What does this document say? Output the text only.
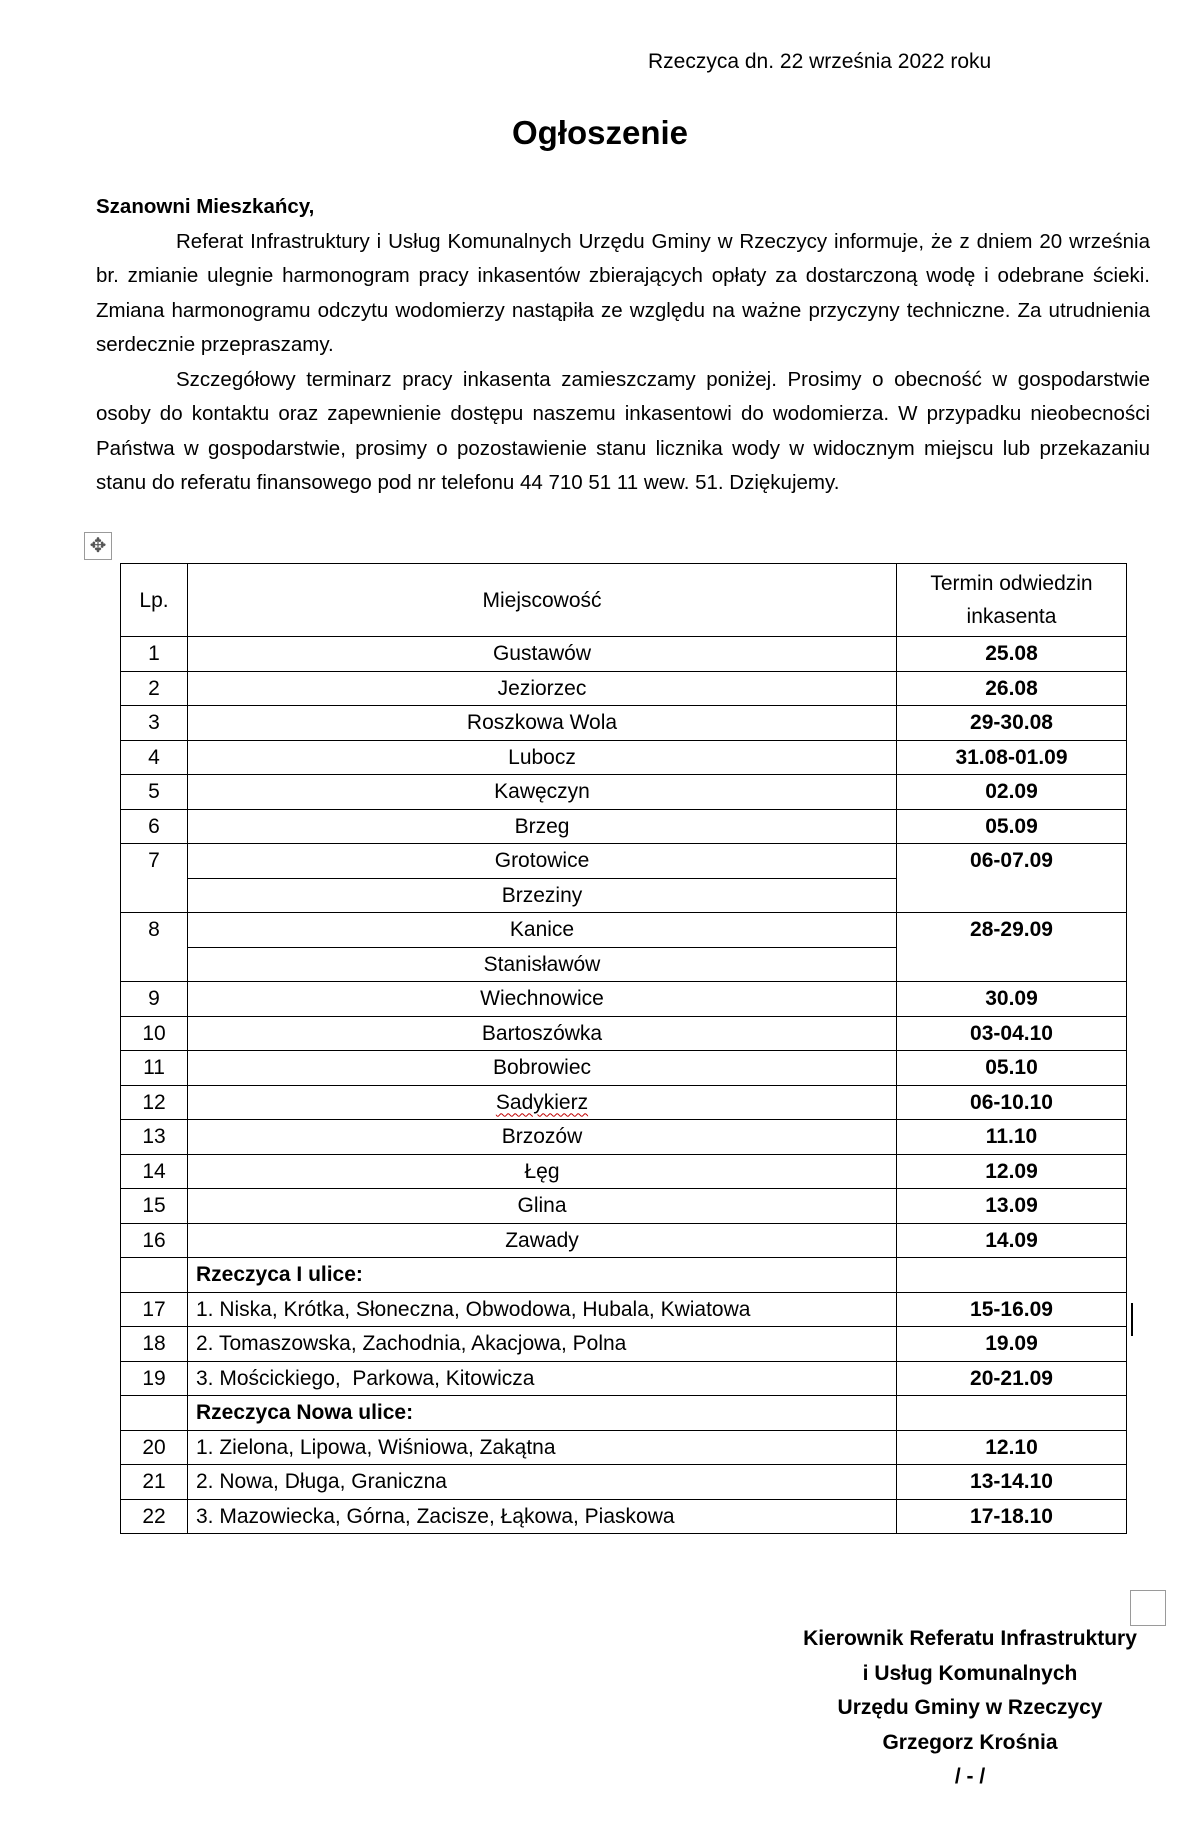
Rzeczyca dn. 22 września 2022 roku
Ogłoszenie
Szanowni Mieszkańcy,

Referat Infrastruktury i Usług Komunalnych Urzędu Gminy w Rzeczycy informuje, że z dniem 20 września br. zmianie ulegnie harmonogram pracy inkasentów zbierających opłaty za dostarczoną wodę i odebrane ścieki. Zmiana harmonogramu odczytu wodomierzy nastąpiła ze względu na ważne przyczyny techniczne. Za utrudnienia serdecznie przepraszamy.

Szczegółowy terminarz pracy inkasenta zamieszczamy poniżej. Prosimy o obecność w gospodarstwie osoby do kontaktu oraz zapewnienie dostępu naszemu inkasentowi do wodomierza. W przypadku nieobecności Państwa w gospodarstwie, prosimy o pozostawienie stanu licznika wody w widocznym miejscu lub przekazaniu stanu do referatu finansowego pod nr telefonu 44 710 51 11 wew. 51. Dziękujemy.

✥
Lp.	Miejscowość	Termin odwiedzin inkasenta
1	Gustawów	25.08
2	Jeziorzec	26.08
3	Roszkowa Wola	29-30.08
4	Lubocz	31.08-01.09
5	Kawęczyn	02.09
6	Brzeg	05.09
7	Grotowice	06-07.09
	Brzeziny	
8	Kanice	28-29.09
	Stanisławów	
9	Wiechnowice	30.09
10	Bartoszówka	03-04.10
11	Bobrowiec	05.10
12	Sadykierz	06-10.10
13	Brzozów	11.10
14	Łęg	12.09
15	Glina	13.09
16	Zawady	14.09
	Rzeczyca I ulice:	
17	1. Niska, Krótka, Słoneczna, Obwodowa, Hubala, Kwiatowa	15-16.09
18	2. Tomaszowska, Zachodnia, Akacjowa, Polna	19.09
19	3. Mościckiego,  Parkowa, Kitowicza	20-21.09
	Rzeczyca Nowa ulice:	
20	1. Zielona, Lipowa, Wiśniowa, Zakątna	12.10
21	2. Nowa, Długa, Graniczna	13-14.10
22	3. Mazowiecka, Górna, Zacisze, Łąkowa, Piaskowa	17-18.10
Kierownik Referatu Infrastruktury
i Usług Komunalnych
Urzędu Gminy w Rzeczycy
Grzegorz Krośnia
/ - /
